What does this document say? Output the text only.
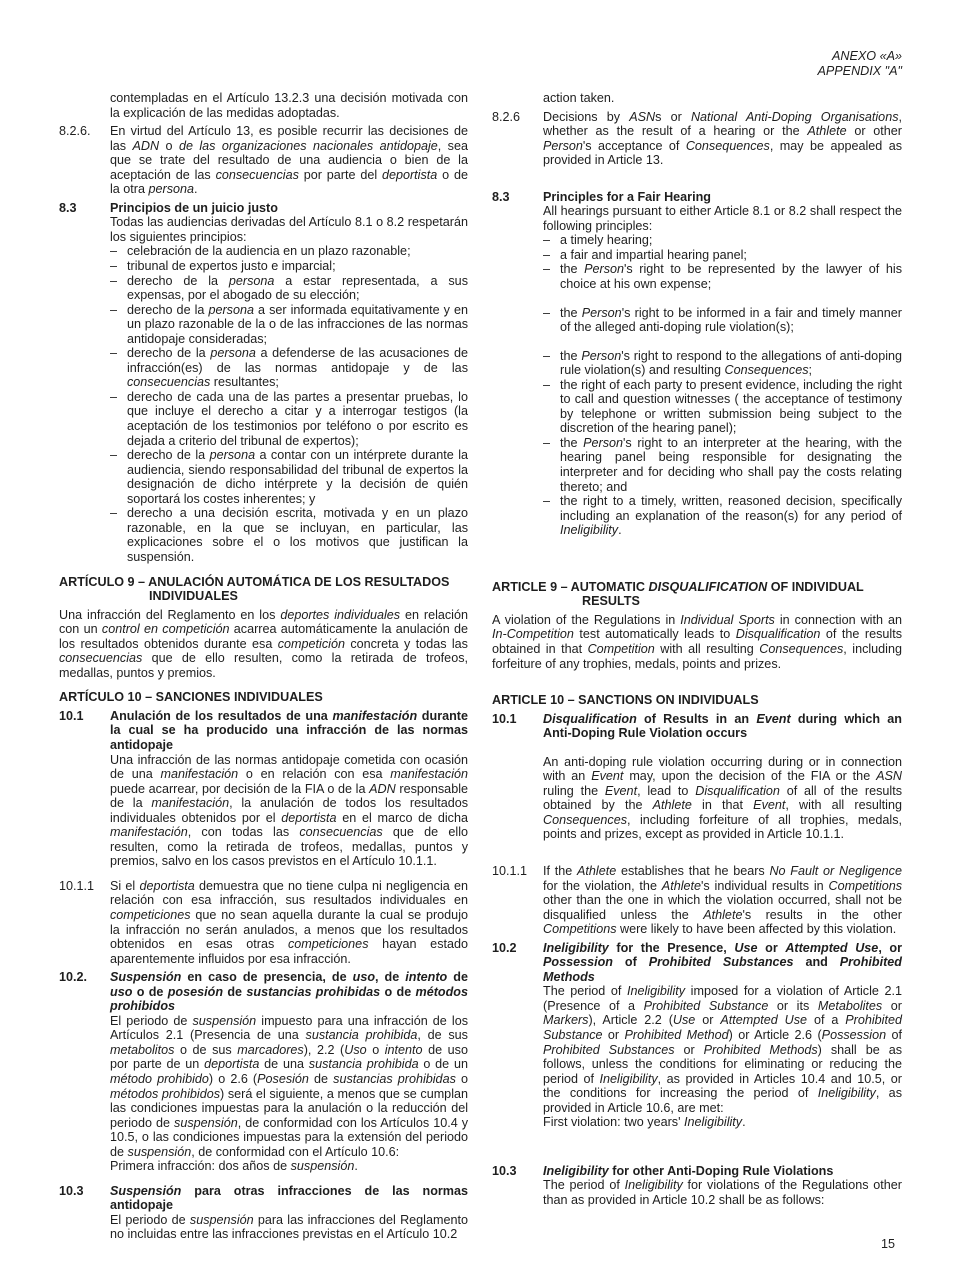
ANEXO «A»
APPENDIX "A"
contempladas en el Artículo 13.2.3 una decisión motivada con la explicación de las medidas adoptadas.
8.2.6. En virtud del Artículo 13, es posible recurrir las decisiones de las ADN o de las organizaciones nacionales antidopaje, sea que se trate del resultado de una audiencia o bien de la aceptación de las consecuencias por parte del deportista o de la otra persona.
8.3	Principios de un juicio justo
Todas las audiencias derivadas del Artículo 8.1 o 8.2 respetarán los siguientes principios:
– celebración de la audiencia en un plazo razonable;
– tribunal de expertos justo e imparcial;
– derecho de la persona a estar representada, a sus expensas, por el abogado de su elección;
– derecho de la persona a ser informada equitativamente y en un plazo razonable de la o de las infracciones de las normas antidopaje consideradas;
– derecho de la persona a defenderse de las acusaciones de infracción(es) de las normas antidopaje y de las consecuencias resultantes;
– derecho de cada una de las partes a presentar pruebas, lo que incluye el derecho a citar y a interrogar testigos (la aceptación de los testimonios por teléfono o por escrito es dejada a criterio del tribunal de expertos);
– derecho de la persona a contar con un intérprete durante la audiencia, siendo responsabilidad del tribunal de expertos la designación de dicho intérprete y la decisión de quién soportará los costes inherentes; y
– derecho a una decisión escrita, motivada y en un plazo razonable, en la que se incluyan, en particular, las explicaciones sobre el o los motivos que justifican la suspensión.
ARTÍCULO 9 – ANULACIÓN AUTOMÁTICA DE LOS RESULTADOS
INDIVIDUALES
Una infracción del Reglamento en los deportes individuales en relación con un control en competición acarrea automáticamente la anulación de los resultados obtenidos durante esa competición concreta y todas las consecuencias que de ello resulten, como la retirada de trofeos, medallas, puntos y premios.
ARTÍCULO 10 – SANCIONES INDIVIDUALES
10.1 Anulación de los resultados de una manifestación durante la cual se ha producido una infracción de las normas antidopaje
Una infracción de las normas antidopaje cometida con ocasión de una manifestación o en relación con esa manifestación puede acarrear, por decisión de la FIA o de la ADN responsable de la manifestación, la anulación de todos los resultados individuales obtenidos por el deportista en el marco de dicha manifestación, con todas las consecuencias que de ello resulten, como la retirada de trofeos, medallas, puntos y premios, salvo en los casos previstos en el Artículo 10.1.1.
10.1.1 Si el deportista demuestra que no tiene culpa ni negligencia en relación con esa infracción, sus resultados individuales en competiciones que no sean aquella durante la cual se produjo la infracción no serán anulados, a menos que los resultados obtenidos en esas otras competiciones hayan estado aparentemente influidos por esa infracción.
10.2. Suspensión en caso de presencia, de uso, de intento de uso o de posesión de sustancias prohibidas o de métodos prohibidos
El periodo de suspensión impuesto para una infracción de los Artículos 2.1 (Presencia de una sustancia prohibida, de sus metabolitos o de sus marcadores), 2.2 (Uso o intento de uso por parte de un deportista de una sustancia prohibida o de un método prohibido) o 2.6 (Posesión de sustancias prohibidas o métodos prohibidos) será el siguiente, a menos que se cumplan las condiciones impuestas para la anulación o la reducción del periodo de suspensión, de conformidad con los Artículos 10.4 y 10.5, o las condiciones impuestas para la extensión del periodo de suspensión, de conformidad con el Artículo 10.6:
Primera infracción: dos años de suspensión.
10.3 Suspensión para otras infracciones de las normas antidopaje
El periodo de suspensión para las infracciones del Reglamento no incluidas entre las infracciones previstas en el Artículo 10.2
action taken.
8.2.6 Decisions by ASNs or National Anti-Doping Organisations, whether as the result of a hearing or the Athlete or other Person's acceptance of Consequences, may be appealed as provided in Article 13.
8.3	Principles for a Fair Hearing
All hearings pursuant to either Article 8.1 or 8.2 shall respect the following principles:
– a timely hearing;
– a fair and impartial hearing panel;
– the Person's right to be represented by the lawyer of his choice at his own expense;
– the Person's right to be informed in a fair and timely manner of the alleged anti-doping rule violation(s);
– the Person's right to respond to the allegations of anti-doping rule violation(s) and resulting Consequences;
– the right of each party to present evidence, including the right to call and question witnesses ( the acceptance of testimony by telephone or written submission being subject to the discretion of the hearing panel);
– the Person's right to an interpreter at the hearing, with the hearing panel being responsible for designating the interpreter and for deciding who shall pay the costs relating thereto; and
– the right to a timely, written, reasoned decision, specifically including an explanation of the reason(s) for any period of Ineligibility.
ARTICLE 9 – AUTOMATIC DISQUALIFICATION OF INDIVIDUAL
RESULTS
A violation of the Regulations in Individual Sports in connection with an In-Competition test automatically leads to Disqualification of the results obtained in that Competition with all resulting Consequences, including forfeiture of any trophies, medals, points and prizes.
ARTICLE 10 – SANCTIONS ON INDIVIDUALS
10.1 Disqualification of Results in an Event during which an Anti-Doping Rule Violation occurs
An anti-doping rule violation occurring during or in connection with an Event may, upon the decision of the FIA or the ASN ruling the Event, lead to Disqualification of all of the results obtained by the Athlete in that Event, with all resulting Consequences, including forfeiture of all trophies, medals, points and prizes, except as provided in Article 10.1.1.
10.1.1 If the Athlete establishes that he bears No Fault or Negligence for the violation, the Athlete's individual results in Competitions other than the one in which the violation occurred, shall not be disqualified unless the Athlete's results in the other Competitions were likely to have been affected by this violation.
10.2 Ineligibility for the Presence, Use or Attempted Use, or Possession of Prohibited Substances and Prohibited Methods
The period of Ineligibility imposed for a violation of Article 2.1 (Presence of a Prohibited Substance or its Metabolites or Markers), Article 2.2 (Use or Attempted Use of a Prohibited Substance or Prohibited Method) or Article 2.6 (Possession of Prohibited Substances or Prohibited Methods) shall be as follows, unless the conditions for eliminating or reducing the period of Ineligibility, as provided in Articles 10.4 and 10.5, or the conditions for increasing the period of Ineligibility, as provided in Article 10.6, are met:
First violation: two years' Ineligibility.
10.3 Ineligibility for other Anti-Doping Rule Violations
The period of Ineligibility for violations of the Regulations other than as provided in Article 10.2 shall be as follows:
15
